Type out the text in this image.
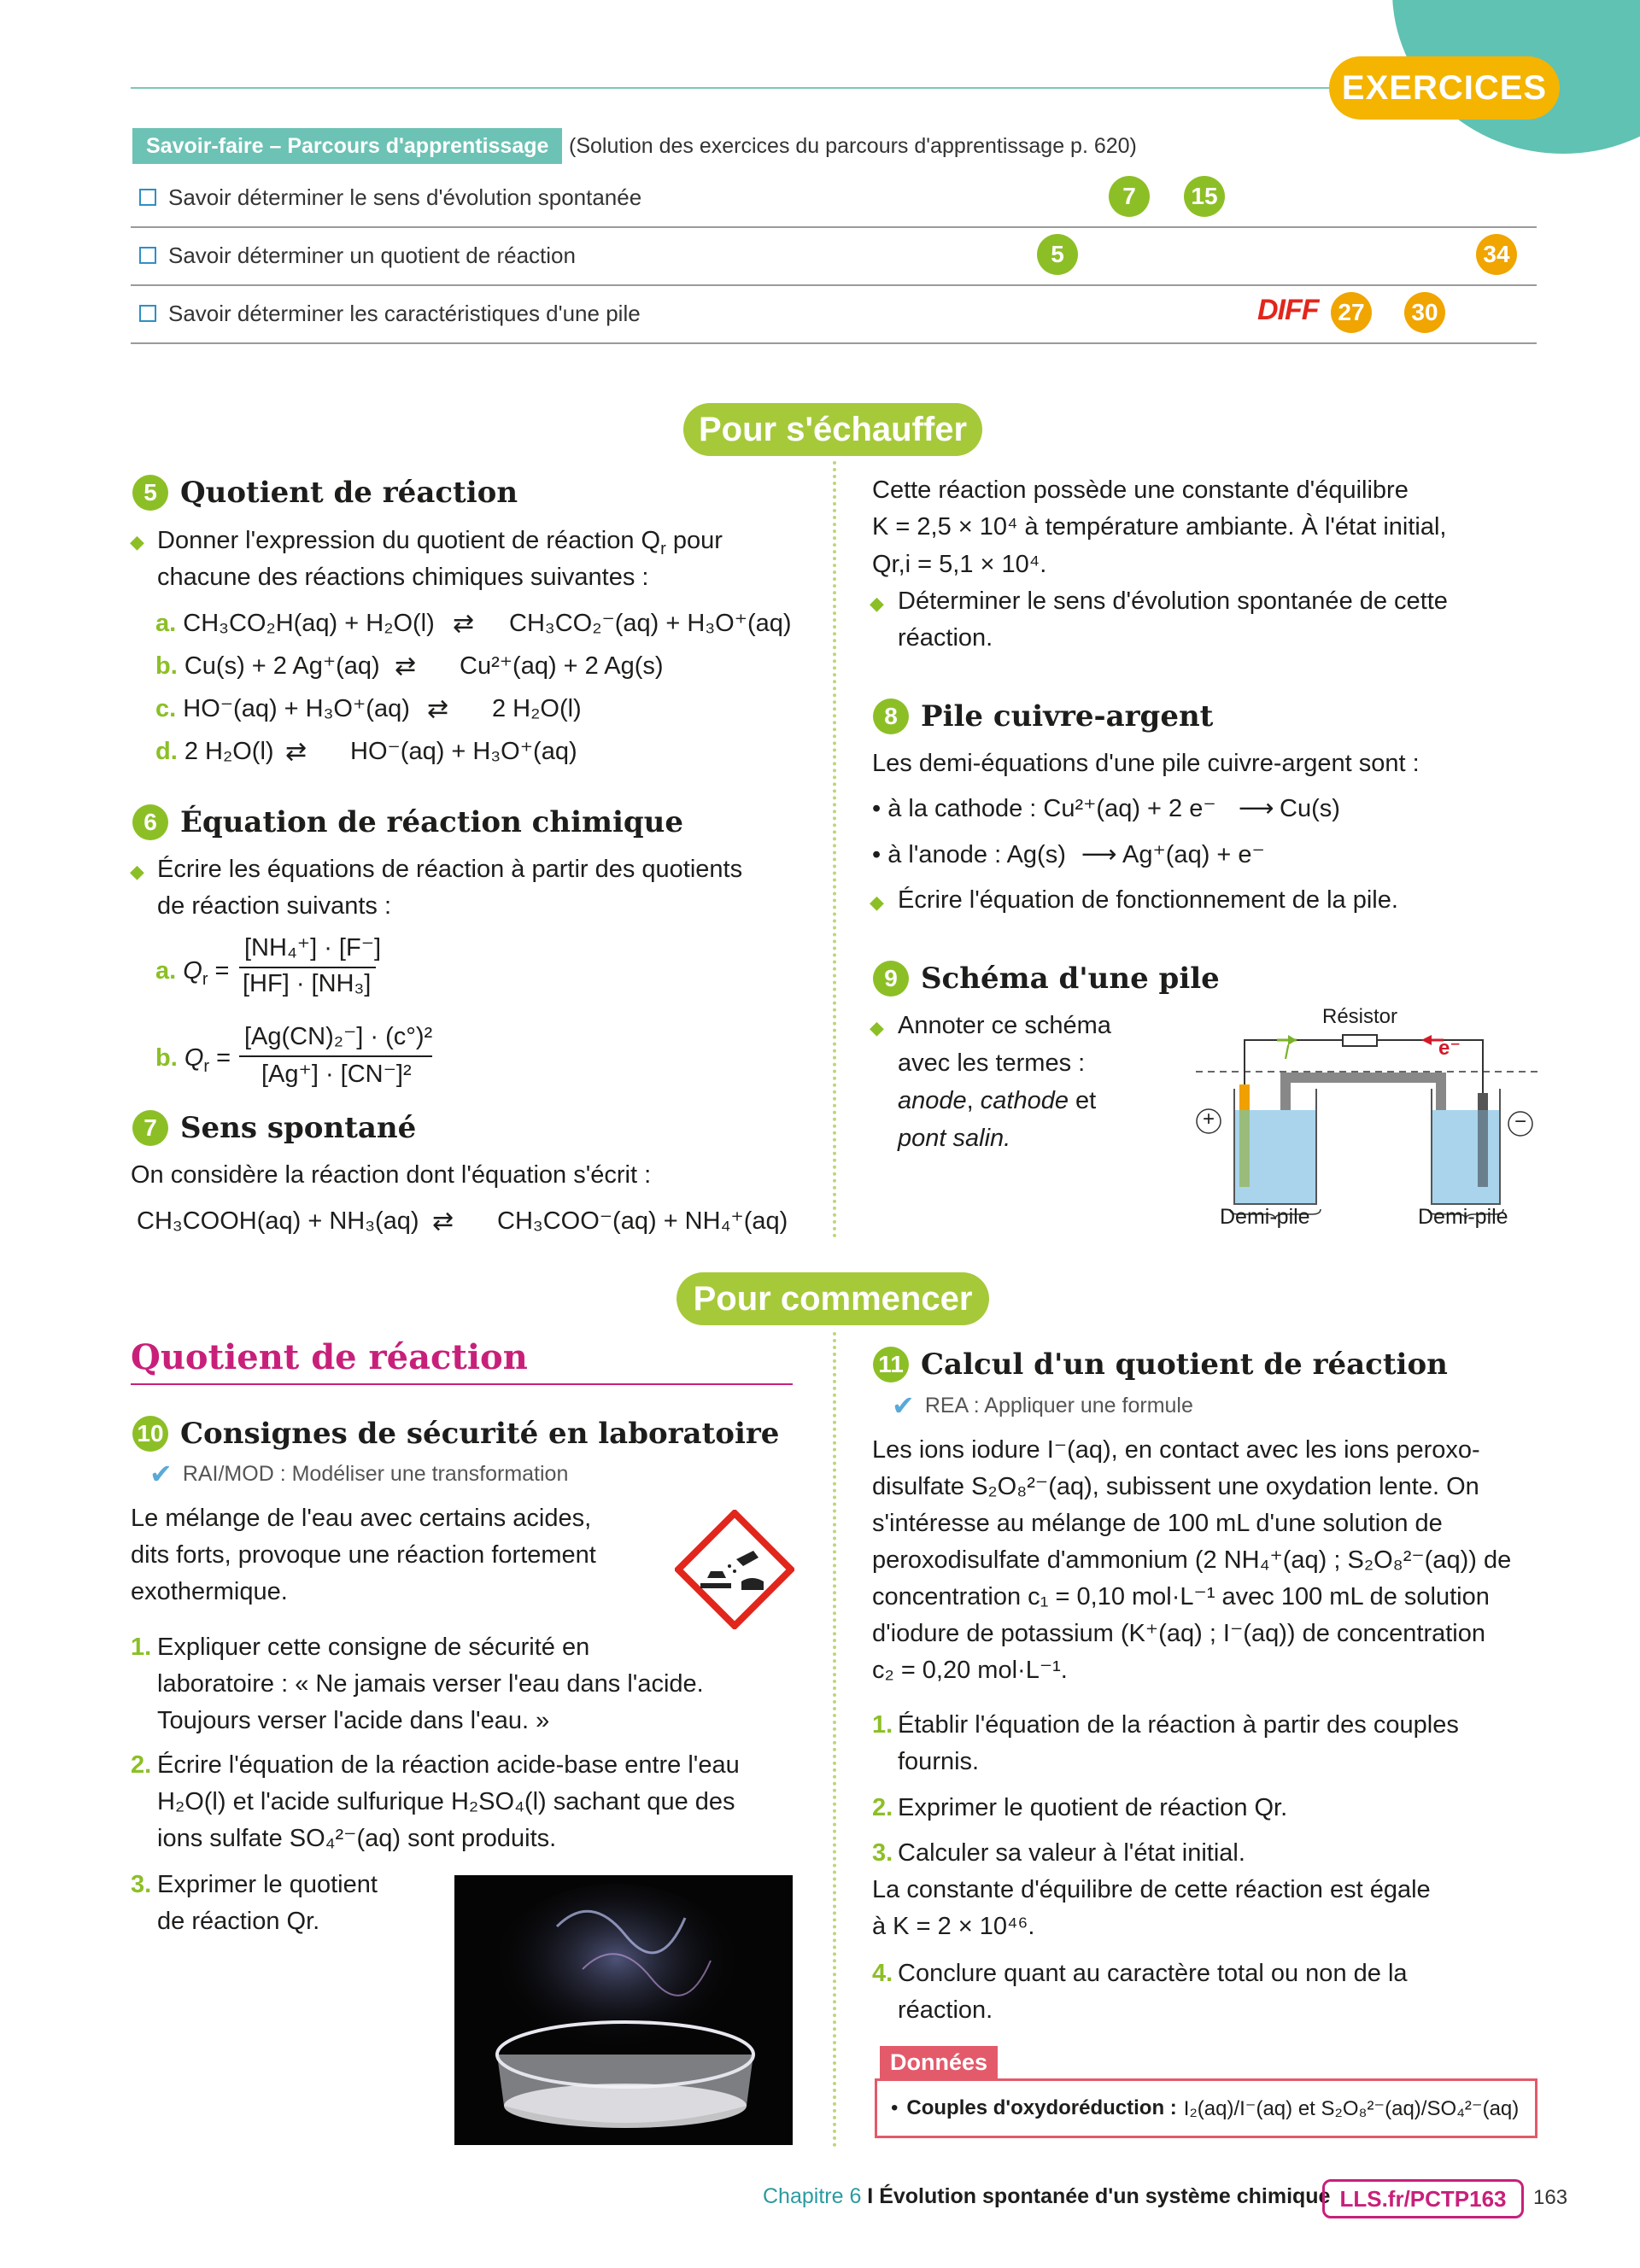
EXERCICES
Savoir-faire – Parcours d'apprentissage (Solution des exercices du parcours d'apprentissage p. 620)
Savoir déterminer le sens d'évolution spontanée	7	15
Savoir déterminer un quotient de réaction	5	34
Savoir déterminer les caractéristiques d'une pile	DIFF 27	30
Pour s'échauffer
5 Quotient de réaction
◆ Donner l'expression du quotient de réaction $Q_r$ pour
chacune des réactions chimiques suivantes :
a. CH₃CO₂H(aq) + H₂O(l) ⇄ CH₃CO₂⁻(aq) + H₃O⁺(aq)
b. Cu(s) + 2 Ag⁺(aq) ⇄ Cu²⁺(aq) + 2 Ag(s)
c. HO⁻(aq) + H₃O⁺(aq) ⇄ 2 H₂O(l)
d. 2 H₂O(l) ⇄ HO⁻(aq) + H₃O⁺(aq)
6 Équation de réaction chimique
◆ Écrire les équations de réaction à partir des quotients
de réaction suivants :
a. $Q_r$ =
[NH₄⁺] · [F⁻]
[HF] · [NH₃]
b. $Q_r$ =
[Ag(CN)₂⁻] · (c°)²
[Ag⁺] · [CN⁻]²
7 Sens spontané
On considère la réaction dont l'équation s'écrit :
CH₃COOH(aq) + NH₃(aq) ⇄ CH₃COO⁻(aq) + NH₄⁺(aq)
Cette réaction possède une constante d'équilibre
K = 2,5 × 10⁴ à température ambiante. À l'état initial,
Qr,i = 5,1 × 10⁴.
◆ Déterminer le sens d'évolution spontanée de cette
réaction.
8 Pile cuivre-argent
Les demi-équations d'une pile cuivre-argent sont :
• à la cathode : Cu²⁺(aq) + 2 e⁻ ⟶ Cu(s)
• à l'anode : Ag(s) ⟶ Ag⁺(aq) + e⁻
◆ Écrire l'équation de fonctionnement de la pile.
9 Schéma d'une pile
◆ Annoter ce schéma
avec les termes :
anode, cathode et
pont salin.
Résistor
I	e⁻
+	−
Demi-pile	Demi-pile
Pour commencer
Quotient de réaction
10 Consignes de sécurité en laboratoire
✔ RAI/MOD : Modéliser une transformation
Le mélange de l'eau avec certains acides,
dits forts, provoque une réaction fortement
exothermique.
1. Expliquer cette consigne de sécurité en
laboratoire : « Ne jamais verser l'eau dans l'acide.
Toujours verser l'acide dans l'eau. »
2. Écrire l'équation de la réaction acide-base entre l'eau
H₂O(l) et l'acide sulfurique H₂SO₄(l) sachant que des
ions sulfate SO₄²⁻(aq) sont produits.
3. Exprimer le quotient
de réaction Qr.
11 Calcul d'un quotient de réaction
✔ REA : Appliquer une formule
Les ions iodure I⁻(aq), en contact avec les ions peroxo-
disulfate S₂O₈²⁻(aq), subissent une oxydation lente. On
s'intéresse au mélange de 100 mL d'une solution de
peroxodisulfate d'ammonium (2 NH₄⁺(aq) ; S₂O₈²⁻(aq)) de
concentration c₁ = 0,10 mol·L⁻¹ avec 100 mL de solution
d'iodure de potassium (K⁺(aq) ; I⁻(aq)) de concentration
c₂ = 0,20 mol·L⁻¹.
1. Établir l'équation de la réaction à partir des couples
fournis.
2. Exprimer le quotient de réaction Qr.
3. Calculer sa valeur à l'état initial.
La constante d'équilibre de cette réaction est égale
à K = 2 × 10⁴⁶.
4. Conclure quant au caractère total ou non de la
réaction.
Données
• Couples d'oxydoréduction : I₂(aq)/I⁻(aq) et S₂O₈²⁻(aq)/SO₄²⁻(aq)
Chapitre 6 I Évolution spontanée d'un système chimique LLS.fr/PCTP163	163
